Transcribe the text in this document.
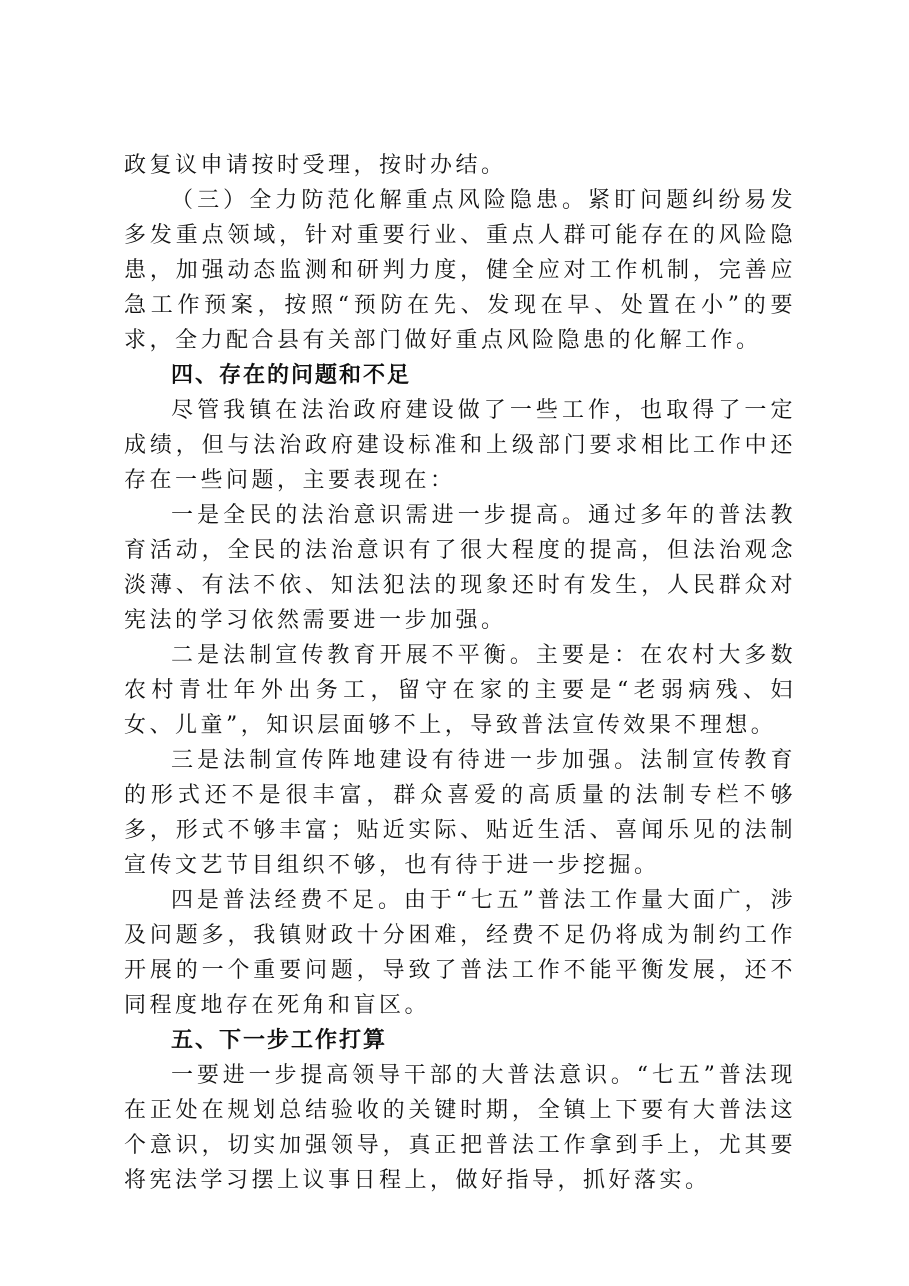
政复议申请按时受理，按时办结。

（三）全力防范化解重点风险隐患。紧盯问题纠纷易发多发重点领域，针对重要行业、重点人群可能存在的风险隐患，加强动态监测和研判力度，健全应对工作机制，完善应急工作预案，按照“预防在先、发现在早、处置在小”的要求，全力配合县有关部门做好重点风险隐患的化解工作。

四、存在的问题和不足

尽管我镇在法治政府建设做了一些工作，也取得了一定成绩，但与法治政府建设标准和上级部门要求相比工作中还存在一些问题，主要表现在：

一是全民的法治意识需进一步提高。通过多年的普法教育活动，全民的法治意识有了很大程度的提高，但法治观念淡薄、有法不依、知法犯法的现象还时有发生，人民群众对宪法的学习依然需要进一步加强。

二是法制宣传教育开展不平衡。主要是：在农村大多数农村青壮年外出务工，留守在家的主要是“老弱病残、妇女、儿童”，知识层面够不上，导致普法宣传效果不理想。

三是法制宣传阵地建设有待进一步加强。法制宣传教育的形式还不是很丰富，群众喜爱的高质量的法制专栏不够多，形式不够丰富；贴近实际、贴近生活、喜闻乐见的法制宣传文艺节目组织不够，也有待于进一步挖掘。

四是普法经费不足。由于“七五”普法工作量大面广，涉及问题多，我镇财政十分困难，经费不足仍将成为制约工作开展的一个重要问题，导致了普法工作不能平衡发展，还不同程度地存在死角和盲区。

五、下一步工作打算

一要进一步提高领导干部的大普法意识。“七五”普法现在正处在规划总结验收的关键时期，全镇上下要有大普法这个意识，切实加强领导，真正把普法工作拿到手上，尤其要将宪法学习摆上议事日程上，做好指导，抓好落实。
